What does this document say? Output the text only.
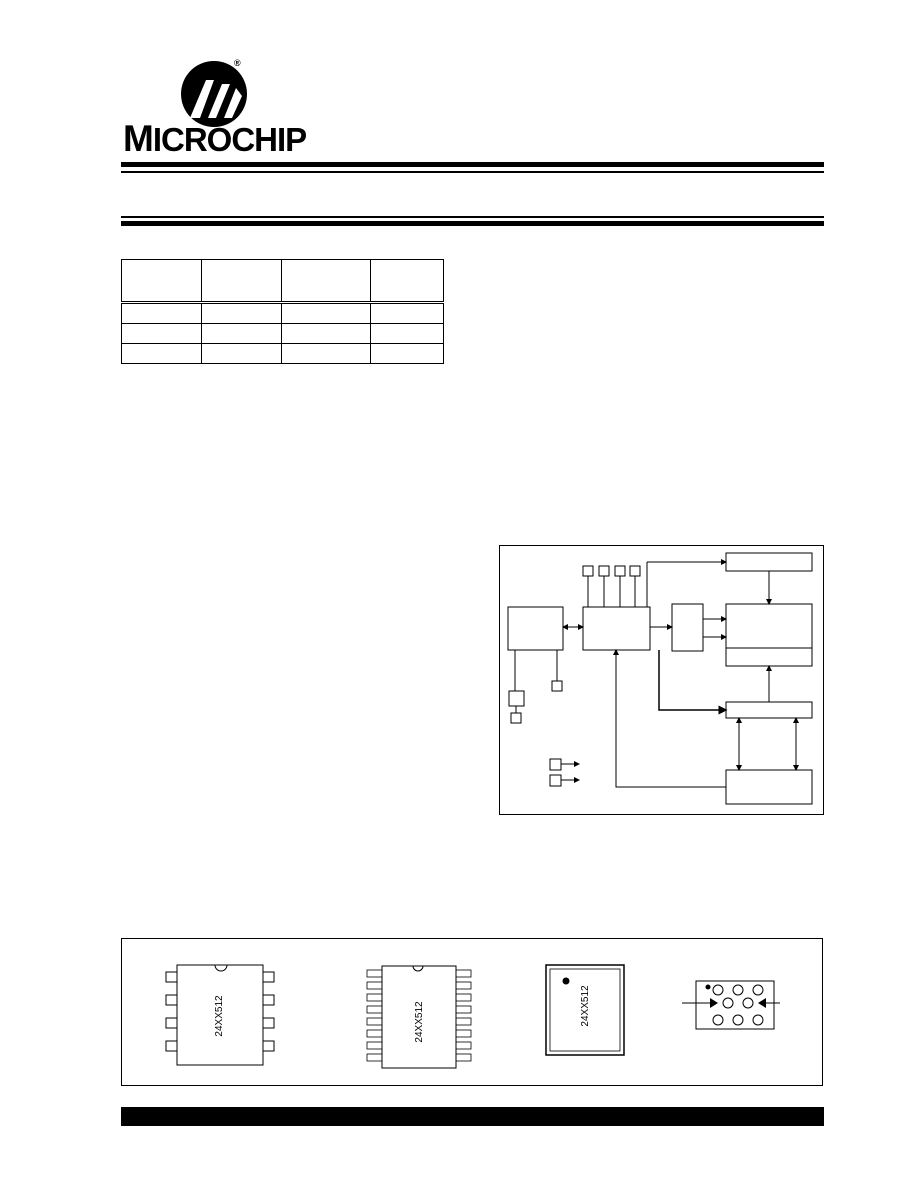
®
MICROCHIP

24XX512	24XX512	24XX512
